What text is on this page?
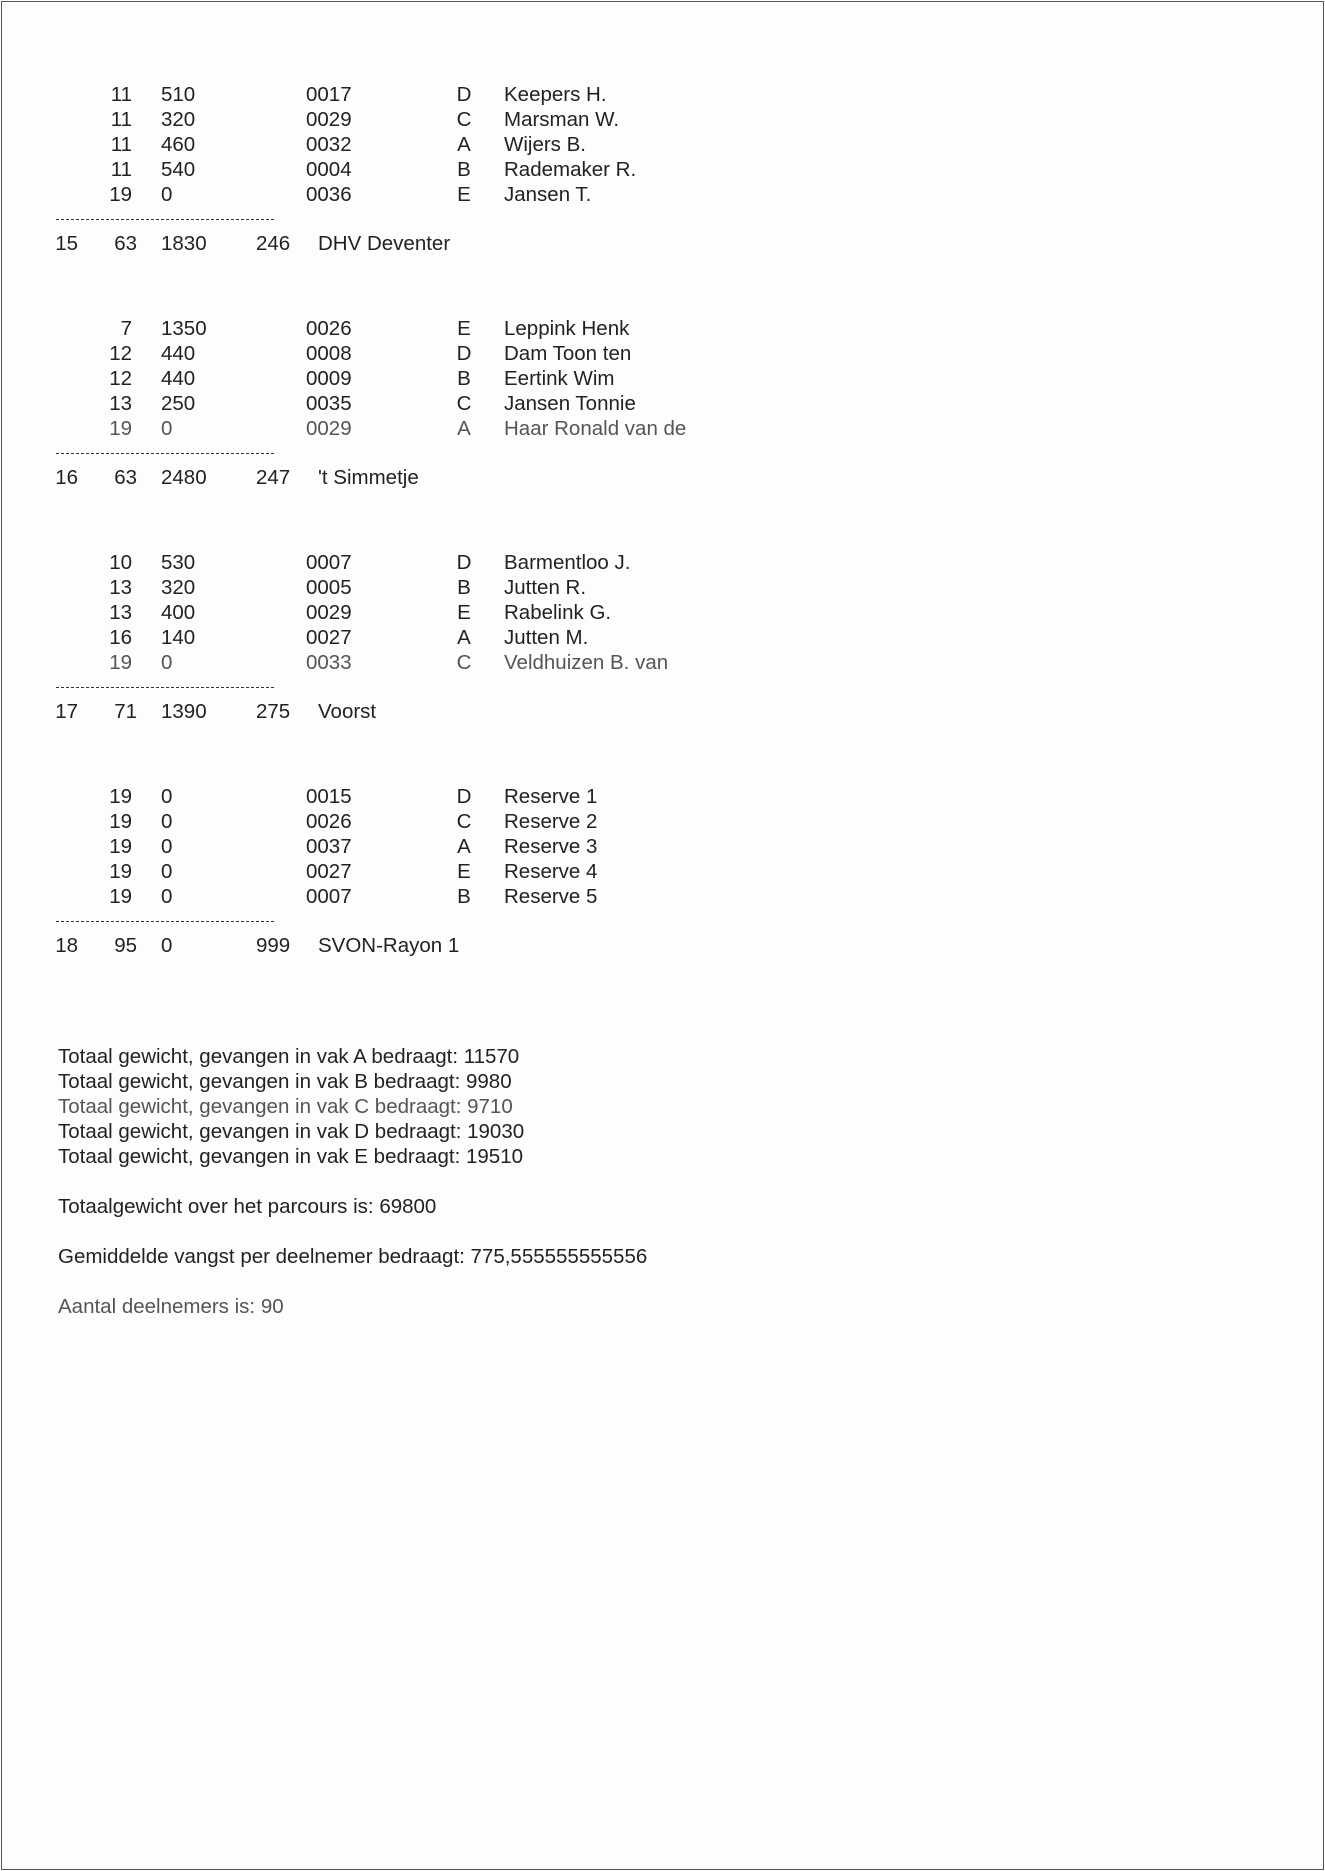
11 510	0017	D Keepers H.
11 320	0029	C Marsman W.
11 460	0032	A Wijers B.
11 540	0004	B Rademaker R.
19 0	0036	E Jansen T.
15	63 1830 246 DHV Deventer
7 1350	0026	E Leppink Henk
12 440	0008	D Dam Toon ten
12 440	0009	B Eertink Wim
13 250	0035	C Jansen Tonnie
19 0	0029	A Haar Ronald van de
16	63 2480 247 't Simmetje
10 530	0007	D Barmentloo J.
13 320	0005	B Jutten R.
13 400	0029	E Rabelink G.
16 140	0027	A Jutten M.
19 0	0033	C Veldhuizen B. van
17	71 1390 275 Voorst
19 0	0015	D Reserve 1
19 0	0026	C Reserve 2
19 0	0037	A Reserve 3
19 0	0027	E Reserve 4
19 0	0007	B Reserve 5
18	95 0	999 SVON-Rayon 1
Totaal gewicht, gevangen in vak A bedraagt: 11570
Totaal gewicht, gevangen in vak B bedraagt: 9980
Totaal gewicht, gevangen in vak C bedraagt: 9710
Totaal gewicht, gevangen in vak D bedraagt: 19030
Totaal gewicht, gevangen in vak E bedraagt: 19510
Totaalgewicht over het parcours is: 69800
Gemiddelde vangst per deelnemer bedraagt: 775,555555555556
Aantal deelnemers is: 90
